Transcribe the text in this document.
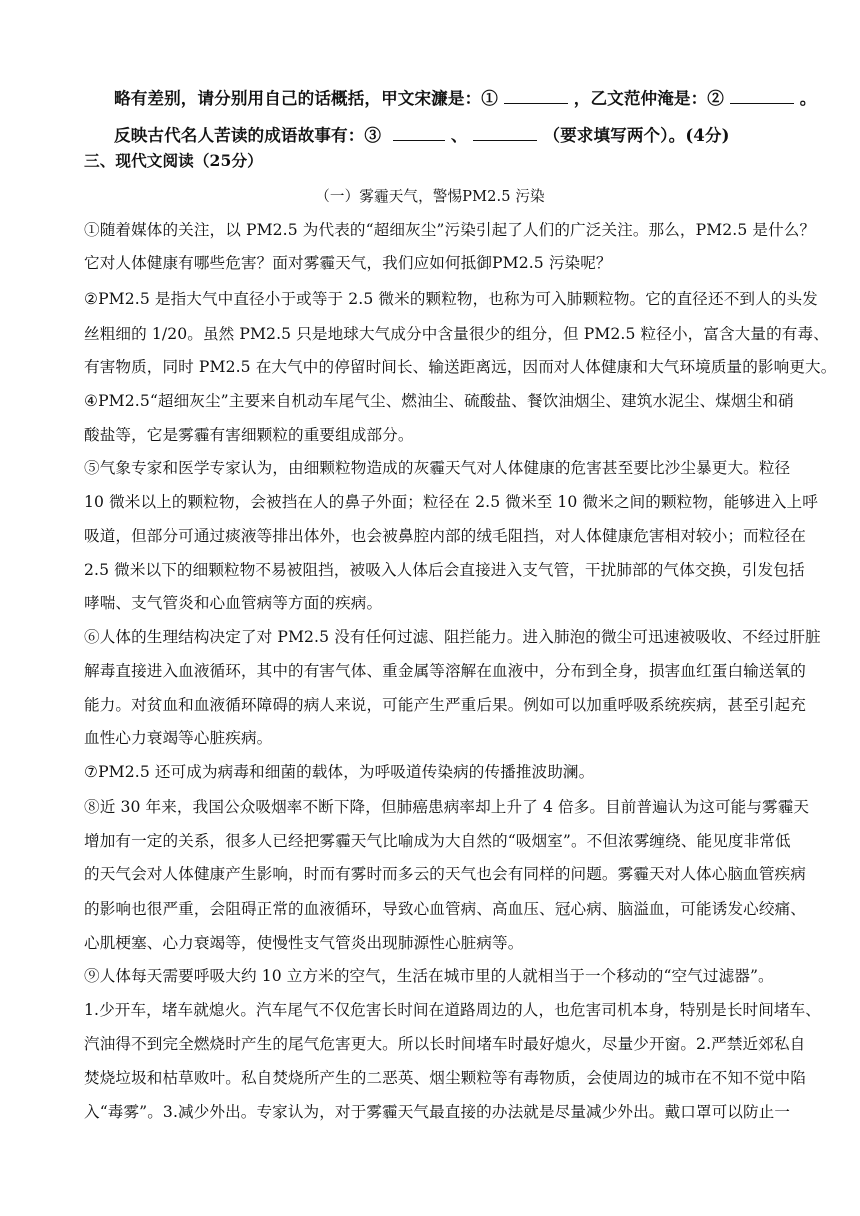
略有差别，请分别用自己的话概括，甲文宋濂是：①	，乙文范仲淹是：②	。
反映古代名人苦读的成语故事有：③	、	（要求填写两个）。(4分)
三、现代文阅读（25分）
（一）雾霾天气，警惕PM2.5 污染
①随着媒体的关注，以 PM2.5 为代表的“超细灰尘”污染引起了人们的广泛关注。那么，PM2.5 是什么？
它对人体健康有哪些危害？面对雾霾天气，我们应如何抵御PM2.5 污染呢？
②PM2.5 是指大气中直径小于或等于 2.5 微米的颗粒物，也称为可入肺颗粒物。它的直径还不到人的头发
丝粗细的 1/20。虽然 PM2.5 只是地球大气成分中含量很少的组分，但 PM2.5 粒径小，富含大量的有毒、
有害物质，同时 PM2.5 在大气中的停留时间长、输送距离远，因而对人体健康和大气环境质量的影响更大。
④PM2.5“超细灰尘”主要来自机动车尾气尘、燃油尘、硫酸盐、餐饮油烟尘、建筑水泥尘、煤烟尘和硝
酸盐等，它是雾霾有害细颗粒的重要组成部分。
⑤气象专家和医学专家认为，由细颗粒物造成的灰霾天气对人体健康的危害甚至要比沙尘暴更大。粒径
10 微米以上的颗粒物，会被挡在人的鼻子外面；粒径在 2.5 微米至 10 微米之间的颗粒物，能够进入上呼
吸道，但部分可通过痰液等排出体外，也会被鼻腔内部的绒毛阻挡，对人体健康危害相对较小；而粒径在
2.5 微米以下的细颗粒物不易被阻挡，被吸入人体后会直接进入支气管，干扰肺部的气体交换，引发包括
哮喘、支气管炎和心血管病等方面的疾病。
⑥人体的生理结构决定了对 PM2.5 没有任何过滤、阻拦能力。进入肺泡的微尘可迅速被吸收、不经过肝脏
解毒直接进入血液循环，其中的有害气体、重金属等溶解在血液中，分布到全身，损害血红蛋白输送氧的
能力。对贫血和血液循环障碍的病人来说，可能产生严重后果。例如可以加重呼吸系统疾病，甚至引起充
血性心力衰竭等心脏疾病。
⑦PM2.5 还可成为病毒和细菌的载体，为呼吸道传染病的传播推波助澜。
⑧近 30 年来，我国公众吸烟率不断下降，但肺癌患病率却上升了 4 倍多。目前普遍认为这可能与雾霾天
增加有一定的关系，很多人已经把雾霾天气比喻成为大自然的“吸烟室”。不但浓雾缠绕、能见度非常低
的天气会对人体健康产生影响，时而有雾时而多云的天气也会有同样的问题。雾霾天对人体心脑血管疾病
的影响也很严重，会阻碍正常的血液循环，导致心血管病、高血压、冠心病、脑溢血，可能诱发心绞痛、
心肌梗塞、心力衰竭等，使慢性支气管炎出现肺源性心脏病等。
⑨人体每天需要呼吸大约 10 立方米的空气，生活在城市里的人就相当于一个移动的“空气过滤器”。
1.少开车，堵车就熄火。汽车尾气不仅危害长时间在道路周边的人，也危害司机本身，特别是长时间堵车、
汽油得不到完全燃烧时产生的尾气危害更大。所以长时间堵车时最好熄火，尽量少开窗。2.严禁近郊私自
焚烧垃圾和枯草败叶。私自焚烧所产生的二恶英、烟尘颗粒等有毒物质，会使周边的城市在不知不觉中陷
入“毒雾”。3.减少外出。专家认为，对于雾霾天气最直接的办法就是尽量减少外出。戴口罩可以防止一
